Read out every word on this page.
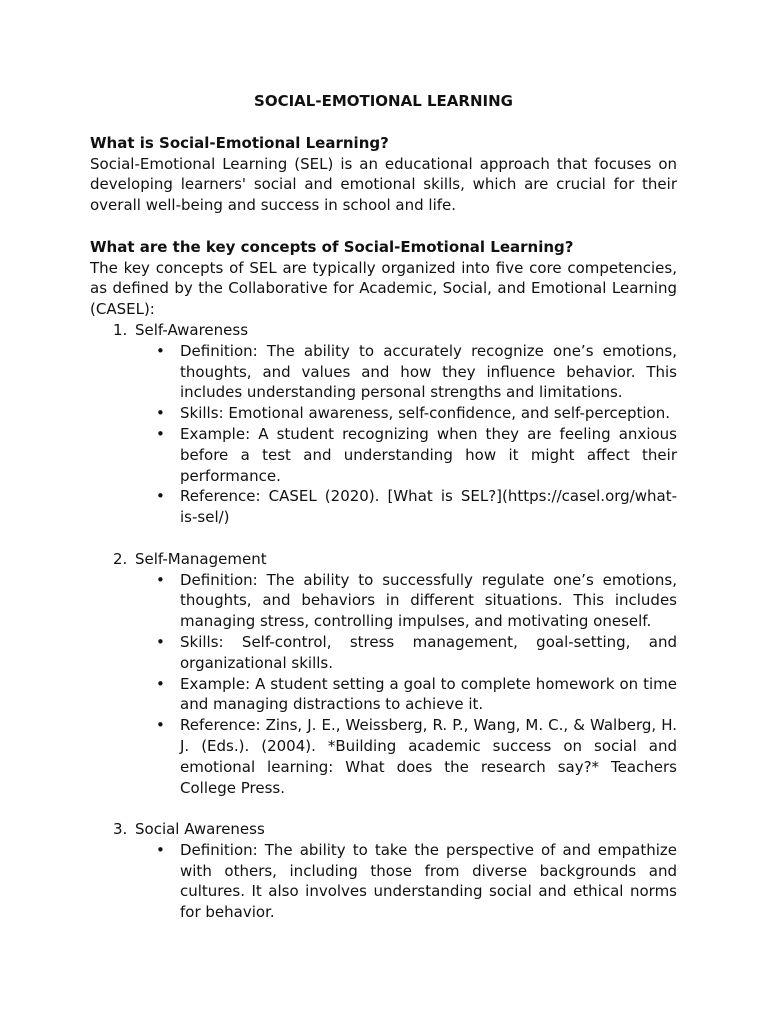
SOCIAL-EMOTIONAL LEARNING
What is Social-Emotional Learning?
Social-Emotional Learning (SEL) is an educational approach that focuses on developing learners' social and emotional skills, which are crucial for their overall well-being and success in school and life.
What are the key concepts of Social-Emotional Learning?
The key concepts of SEL are typically organized into five core competencies, as defined by the Collaborative for Academic, Social, and Emotional Learning (CASEL):
1. Self-Awareness
• Definition: The ability to accurately recognize one’s emotions, thoughts, and values and how they influence behavior. This includes understanding personal strengths and limitations.
• Skills: Emotional awareness, self-confidence, and self-perception.
• Example: A student recognizing when they are feeling anxious before a test and understanding how it might affect their performance.
• Reference: CASEL (2020). [What is SEL?](https://casel.org/what-is-sel/)
2. Self-Management
• Definition: The ability to successfully regulate one’s emotions, thoughts, and behaviors in different situations. This includes managing stress, controlling impulses, and motivating oneself.
• Skills: Self-control, stress management, goal-setting, and organizational skills.
• Example: A student setting a goal to complete homework on time and managing distractions to achieve it.
• Reference: Zins, J. E., Weissberg, R. P., Wang, M. C., & Walberg, H. J. (Eds.). (2004). *Building academic success on social and emotional learning: What does the research say?* Teachers College Press.
3. Social Awareness
• Definition: The ability to take the perspective of and empathize with others, including those from diverse backgrounds and cultures. It also involves understanding social and ethical norms for behavior.
